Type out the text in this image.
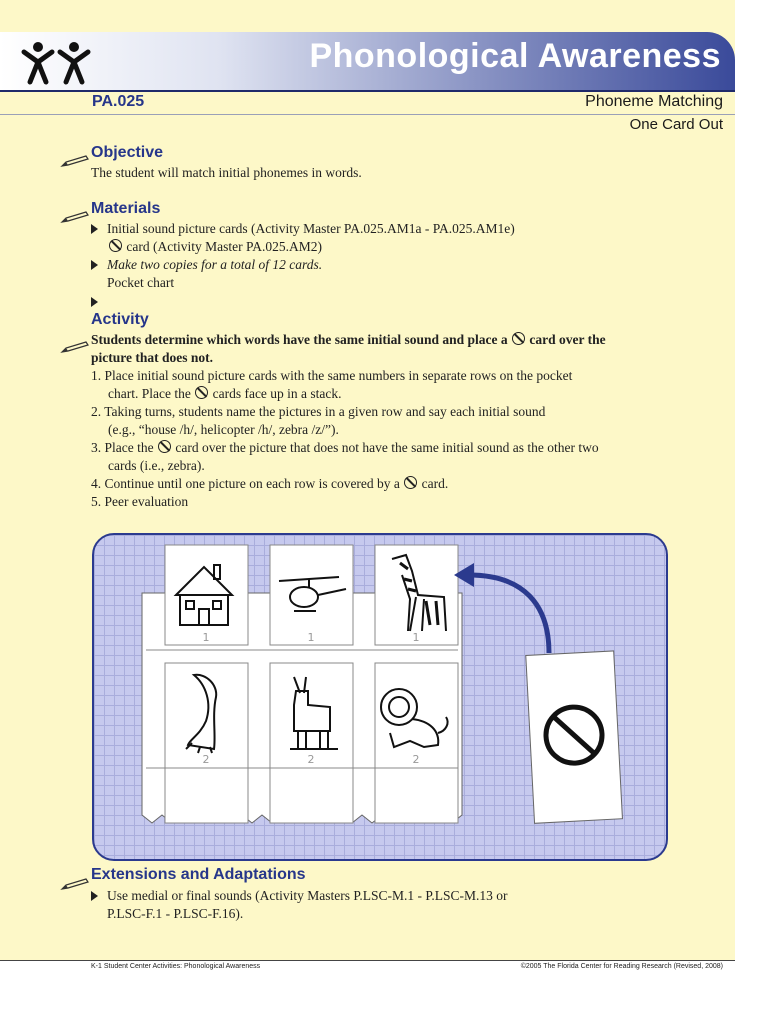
Phonological Awareness
PA.025	Phoneme Matching
One Card Out
Objective
The student will match initial phonemes in words.
Materials
Initial sound picture cards (Activity Master PA.025.AM1a - PA.025.AM1e)
card (Activity Master PA.025.AM2)
Make two copies for a total of 12 cards.
Pocket chart
Activity
Students determine which words have the same initial sound and place a  card over the
picture that does not.
1. Place initial sound picture cards with the same numbers in separate rows on the pocket
chart. Place the  cards face up in a stack.
2. Taking turns, students name the pictures in a given row and say each initial sound
(e.g., “house /h/, helicopter /h/, zebra /z/”).
3. Place the  card over the picture that does not have the same initial sound as the other two
cards (i.e., zebra).
4. Continue until one picture on each row is covered by a  card.
5. Peer evaluation
1	1	1
2	2	2
Extensions and Adaptations
Use medial or final sounds (Activity Masters P.LSC-M.1 - P.LSC-M.13 or
P.LSC-F.1 - P.LSC-F.16).
K-1 Student Center Activities: Phonological Awareness	©2005 The Florida Center for Reading Research (Revised, 2008)
